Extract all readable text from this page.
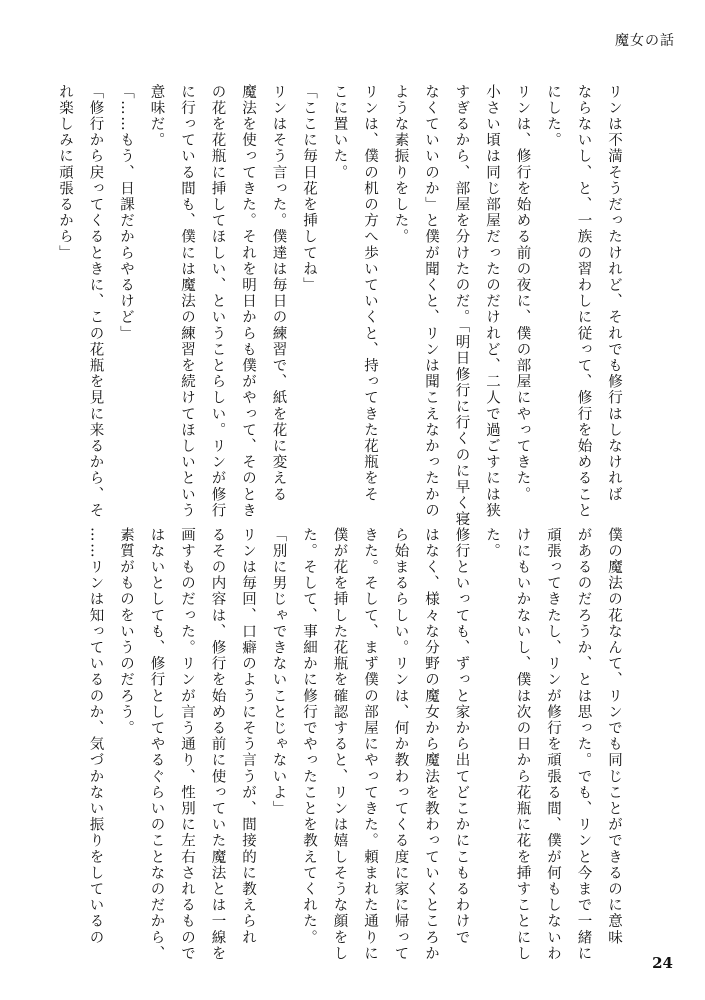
魔女の話

リンは不満そうだったけれど、それでも修行はしなければ

ならないし、と、一族の習わしに従って、修行を始めること

にした。

リンは、修行を始める前の夜に、僕の部屋にやってきた。

小さい頃は同じ部屋だったのだけれど、二人で過ごすには狭

すぎるから、部屋を分けたのだ。「明日修行に行くのに早く寝

なくていいのか」と僕が聞くと、リンは聞こえなかったかの

ような素振りをした。

リンは、僕の机の方へ歩いていくと、持ってきた花瓶をそ

こに置いた。

「ここに毎日花を挿してね」

リンはそう言った。僕達は毎日の練習で、紙を花に変える

魔法を使ってきた。それを明日からも僕がやって、そのとき

の花を花瓶に挿してほしい、ということらしい。リンが修行

に行っている間も、僕には魔法の練習を続けてほしいという

意味だ。

「……もう、日課だからやるけど」

「修行から戻ってくるときに、この花瓶を見に来るから、そ

れ楽しみに頑張るから」

僕の魔法の花なんて、リンでも同じことができるのに意味

があるのだろうか、とは思った。でも、リンと今まで一緒に

頑張ってきたし、リンが修行を頑張る間、僕が何もしないわ

けにもいかないし、僕は次の日から花瓶に花を挿すことにし

た。

修行といっても、ずっと家から出てどこかにこもるわけで

はなく、様々な分野の魔女から魔法を教わっていくところか

ら始まるらしい。リンは、何か教わってくる度に家に帰って

きた。そして、まず僕の部屋にやってきた。頼まれた通りに

僕が花を挿した花瓶を確認すると、リンは嬉しそうな顔をし

た。そして、事細かに修行でやったことを教えてくれた。

「別に男じゃできないことじゃないよ」

リンは毎回、口癖のようにそう言うが、間接的に教えられ

るその内容は、修行を始める前に使っていた魔法とは一線を

画すものだった。リンが言う通り、性別に左右されるもので

はないとしても、修行としてやるぐらいのことなのだから、

素質がものをいうのだろう。

……リンは知っているのか、気づかない振りをしているの

24
